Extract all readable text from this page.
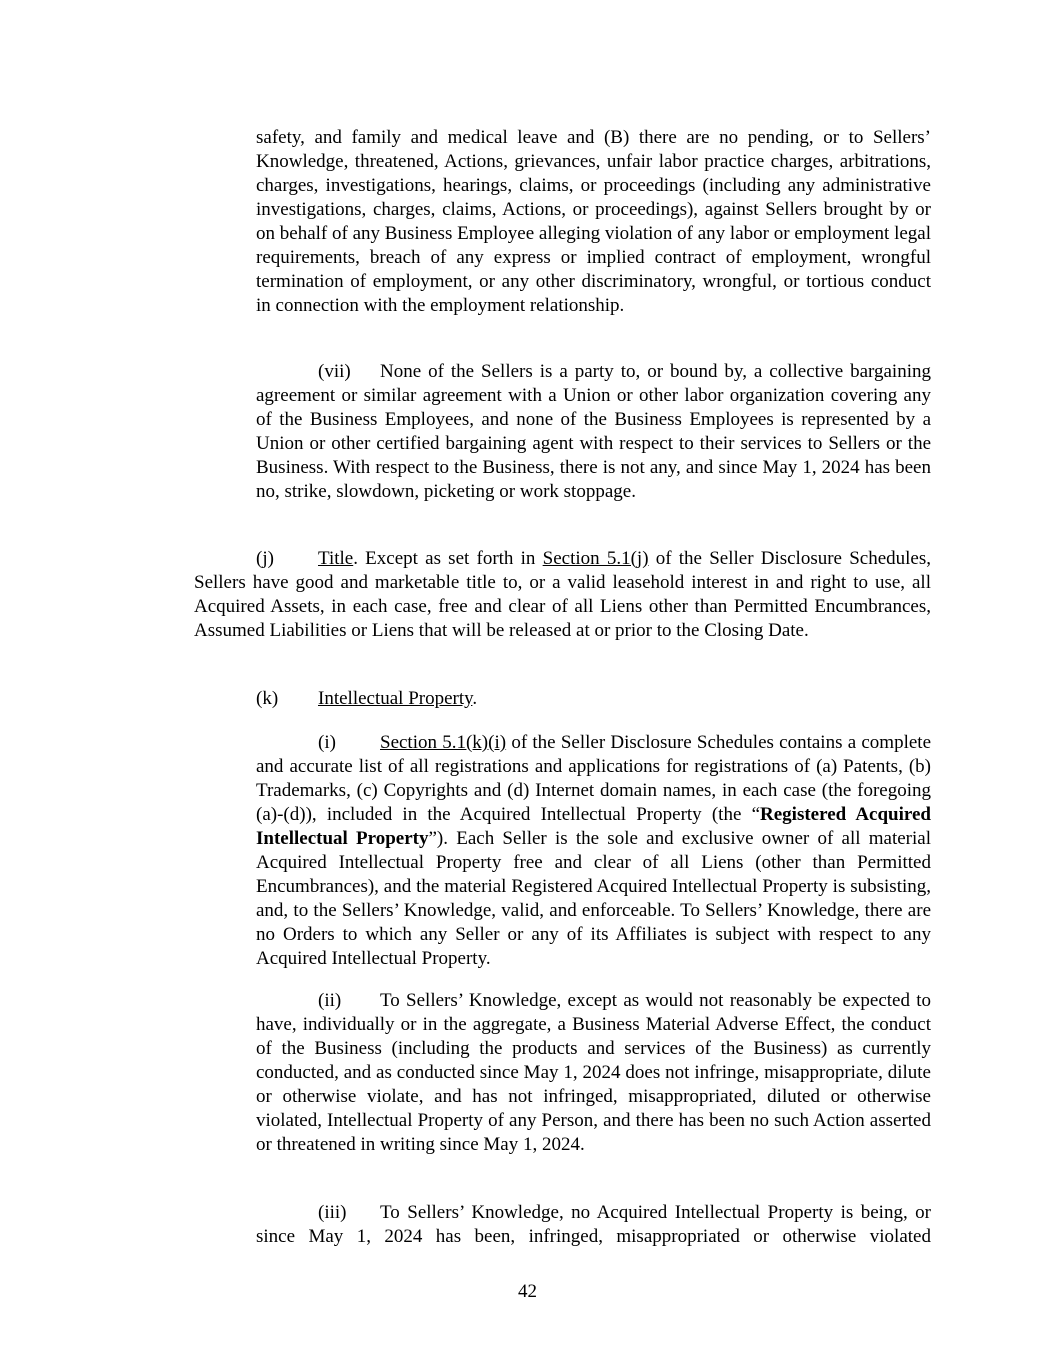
safety, and family and medical leave and (B) there are no pending, or to Sellers’ Knowledge, threatened, Actions, grievances, unfair labor practice charges, arbitrations, charges, investigations, hearings, claims, or proceedings (including any administrative investigations, charges, claims, Actions, or proceedings), against Sellers brought by or on behalf of any Business Employee alleging violation of any labor or employment legal requirements, breach of any express or implied contract of employment, wrongful termination of employment, or any other discriminatory, wrongful, or tortious conduct in connection with the employment relationship.

(vii) None of the Sellers is a party to, or bound by, a collective bargaining agreement or similar agreement with a Union or other labor organization covering any of the Business Employees, and none of the Business Employees is represented by a Union or other certified bargaining agent with respect to their services to Sellers or the Business. With respect to the Business, there is not any, and since May 1, 2024 has been no, strike, slowdown, picketing or work stoppage.

(j) Title. Except as set forth in Section 5.1(j) of the Seller Disclosure Schedules, Sellers have good and marketable title to, or a valid leasehold interest in and right to use, all Acquired Assets, in each case, free and clear of all Liens other than Permitted Encumbrances, Assumed Liabilities or Liens that will be released at or prior to the Closing Date.

(k) Intellectual Property.

(i) Section 5.1(k)(i) of the Seller Disclosure Schedules contains a complete and accurate list of all registrations and applications for registrations of (a) Patents, (b) Trademarks, (c) Copyrights and (d) Internet domain names, in each case (the foregoing (a)-(d)), included in the Acquired Intellectual Property (the “Registered Acquired Intellectual Property”). Each Seller is the sole and exclusive owner of all material Acquired Intellectual Property free and clear of all Liens (other than Permitted Encumbrances), and the material Registered Acquired Intellectual Property is subsisting, and, to the Sellers’ Knowledge, valid, and enforceable. To Sellers’ Knowledge, there are no Orders to which any Seller or any of its Affiliates is subject with respect to any Acquired Intellectual Property.

(ii) To Sellers’ Knowledge, except as would not reasonably be expected to have, individually or in the aggregate, a Business Material Adverse Effect, the conduct of the Business (including the products and services of the Business) as currently conducted, and as conducted since May 1, 2024 does not infringe, misappropriate, dilute or otherwise violate, and has not infringed, misappropriated, diluted or otherwise violated, Intellectual Property of any Person, and there has been no such Action asserted or threatened in writing since May 1, 2024.

(iii) To Sellers’ Knowledge, no Acquired Intellectual Property is being, or since May 1, 2024 has been, infringed, misappropriated or otherwise violated

42
